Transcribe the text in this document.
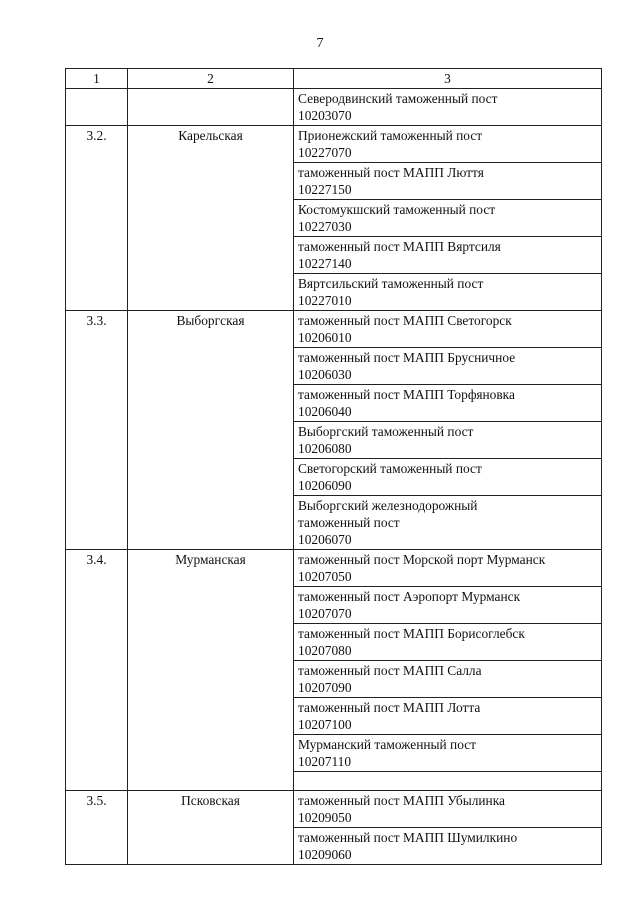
7
1	2	3

		Северодвинский таможенный пост
10203070

3.2.	Карельская	Прионежский таможенный пост
10227070

		таможенный пост МАПП Люття
10227150

		Костомукшский таможенный пост
10227030

		таможенный пост МАПП Вяртсиля
10227140

		Вяртсильский таможенный пост
10227010

3.3.	Выборгская	таможенный пост МАПП Светогорск
10206010

		таможенный пост МАПП Брусничное
10206030

		таможенный пост МАПП Торфяновка
10206040

		Выборгский таможенный пост
10206080

		Светогорский таможенный пост
10206090

		Выборгский железнодорожный таможенный пост
10206070

3.4.	Мурманская	таможенный пост Морской порт Мурманск
10207050

		таможенный пост Аэропорт Мурманск
10207070

		таможенный пост МАПП Борисоглебск
10207080

		таможенный пост МАПП Салла
10207090

		таможенный пост МАПП Лотта
10207100

		Мурманский таможенный пост
10207110

3.5.	Псковская	таможенный пост МАПП Убылинка
10209050

		таможенный пост МАПП Шумилкино
10209060
